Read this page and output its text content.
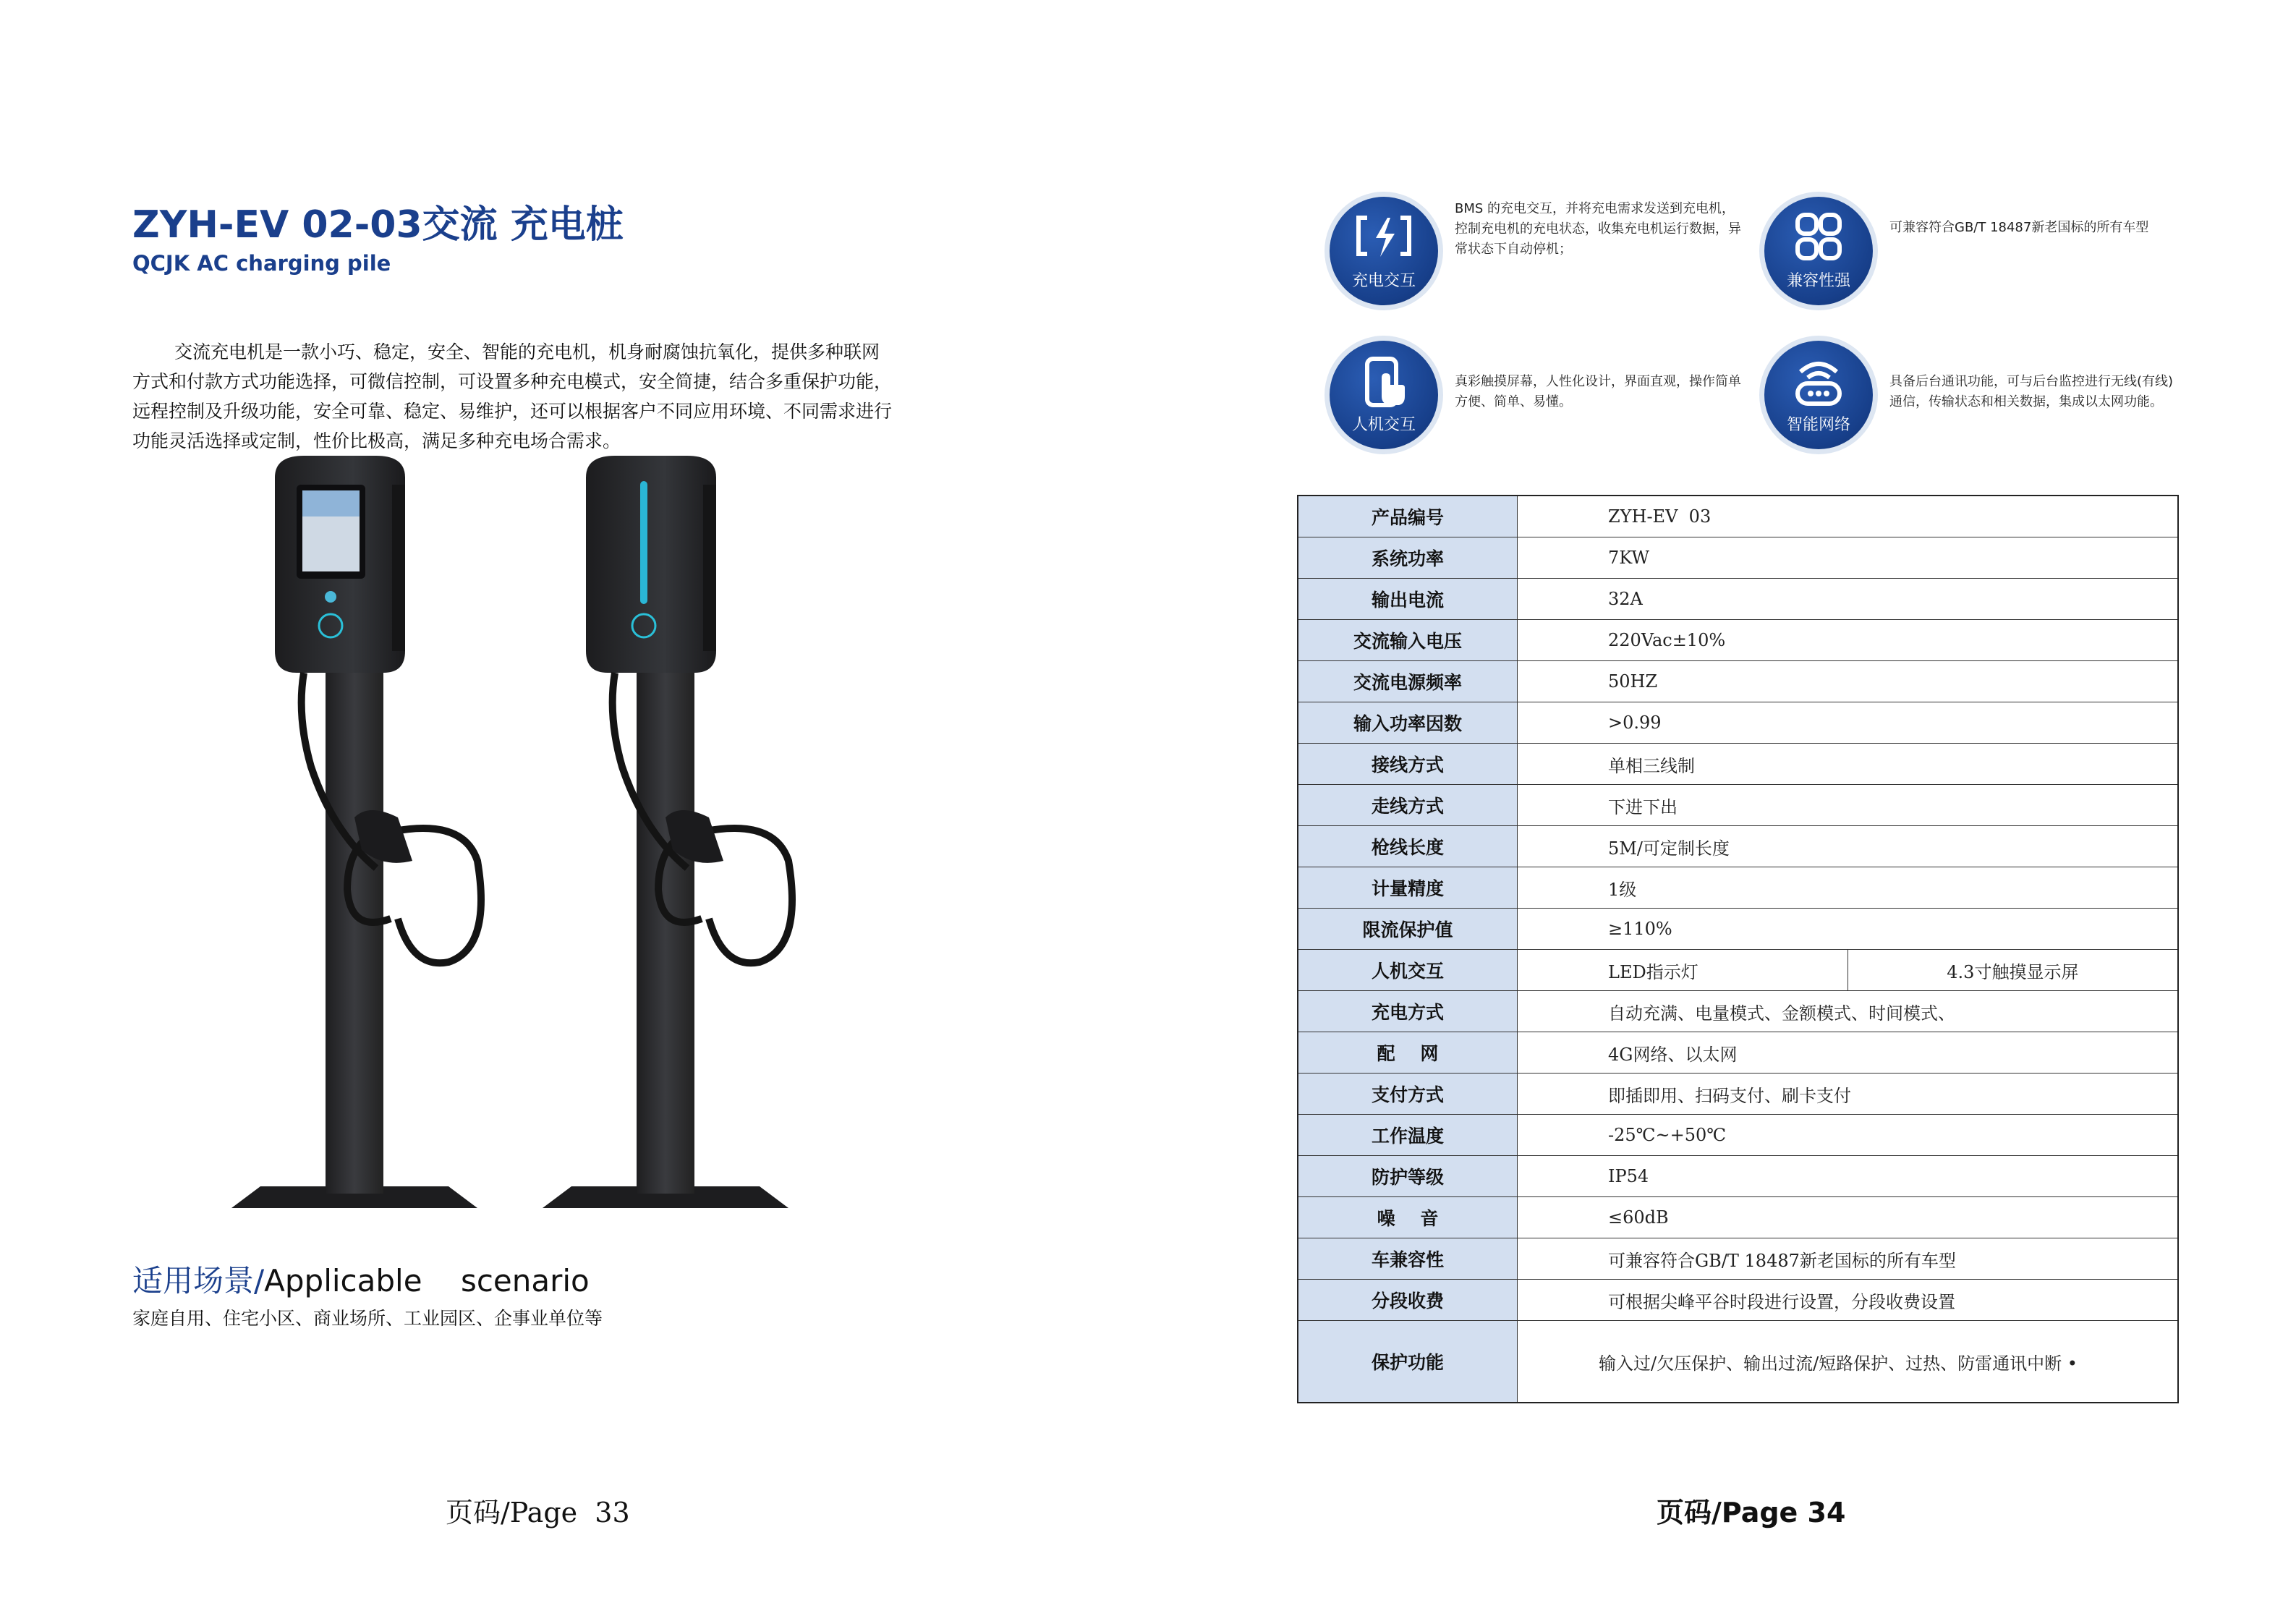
ZYH-EV 02-03交流 充电桩
QCJK AC charging pile
交流充电机是一款小巧、稳定，安全、智能的充电机，机身耐腐蚀抗氧化，提供多种联网方式和付款方式功能选择，可微信控制，可设置多种充电模式，安全简捷，结合多重保护功能，远程控制及升级功能，安全可靠、稳定、易维护，还可以根据客户不同应用环境、不同需求进行功能灵活选择或定制，性价比极高，满足多种充电场合需求。
适用场景/Applicable    scenario
家庭自用、住宅小区、商业场所、工业园区、企事业单位等
页码/Page  33
充电交互
BMS 的充电交互，并将充电需求发送到充电机，控制充电机的充电状态，收集充电机运行数据，异常状态下自动停机；
兼容性强
可兼容符合GB/T 18487新老国标的所有车型
人机交互
真彩触摸屏幕，人性化设计，界面直观，操作简单方便、简单、易懂。
智能网络
具备后台通讯功能，可与后台监控进行无线(有线)通信，传输状态和相关数据，集成以太网功能。
产品编号	ZYH-EV  03	
系统功率	7KW	
输出电流	32A	
交流输入电压	220Vac±10%	
交流电源频率	50HZ	
输入功率因数	>0.99	
接线方式	单相三线制	
走线方式	下进下出	
枪线长度	5M/可定制长度	
计量精度	1级	
限流保护值	≥110%	
人机交互	LED指示灯	4.3寸触摸显示屏
充电方式	自动充满、电量模式、金额模式、时间模式、	
配    网	4G网络、以太网	
支付方式	即插即用、扫码支付、刷卡支付	
工作温度	-25℃~+50℃	
防护等级	IP54	
噪    音	≤60dB	
车兼容性	可兼容符合GB/T 18487新老国标的所有车型	
分段收费	可根据尖峰平谷时段进行设置，分段收费设置	
保护功能	输入过/欠压保护、输出过流/短路保护、过热、防雷通讯中断 •	
页码/Page 34
